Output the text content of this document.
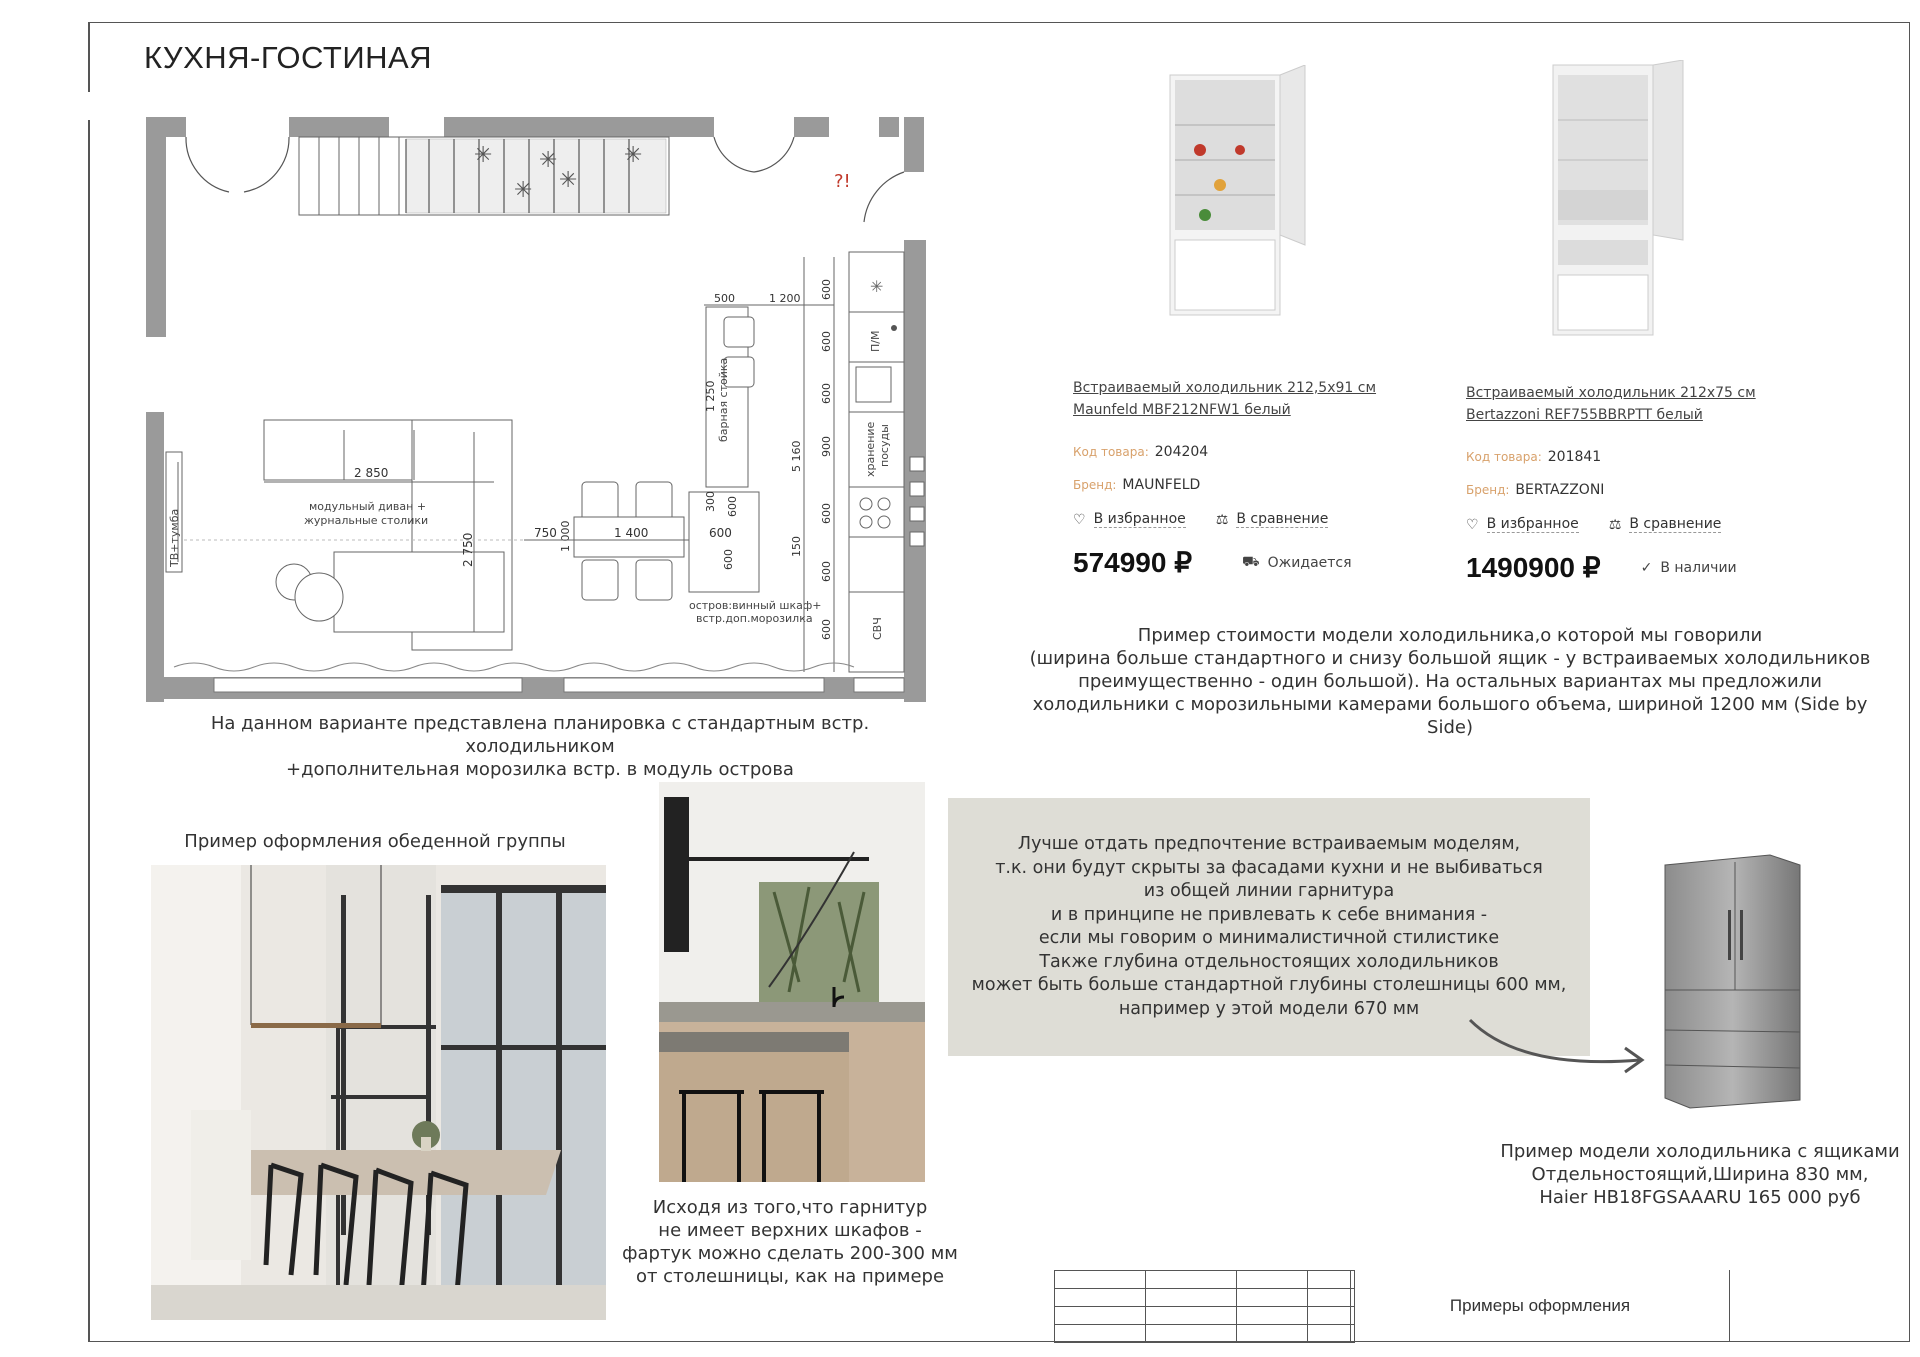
КУХНЯ-ГОСТИНАЯ
✳
✳
✳
✳
✳
?!
ТВ+тумба
2 850
модульный диван +
журнальные столики
2 750	750 1 000	1 400	600
300 600
600
остров:винный шкаф+
встр.доп.морозилка
барная стойка
1 250
500	1 200
✳
П/М
хранение посуды
СВЧ
600
600
600
900
600
600
600
5 160
150
На данном варианте представлена планировка с стандартным встр. холодильником
+дополнительная морозилка встр. в модуль острова
Встраиваемый холодильник 212,5x91 см
Maunfeld MBF212NFW1 белый
Код товара: 204204
Бренд: MAUNFELD
♡ В избранное ⚖ В сравнение
574990 ₽	⛟ Ожидается
Встраиваемый холодильник 212x75 см
Bertazzoni REF755BBRPTT белый
Код товара: 201841
Бренд: BERTAZZONI
♡ В избранное ⚖ В сравнение
1490900 ₽	✓ В наличии
Пример стоимости модели холодильника,о которой мы говорили
(ширина больше стандартного и снизу большой ящик - у встраиваемых холодильников
преимущественно - один большой). На остальных вариантах мы предложили
холодильники с морозильными камерами большого объема, шириной 1200 мм (Side by Side)
Пример оформления обеденной группы
Исходя из того,что гарнитур
не имеет верхних шкафов -
фартук можно сделать 200-300 мм
от столешницы, как на примере
Лучше отдать предпочтение встраиваемым моделям,
т.к. они будут скрыты за фасадами кухни и не выбиваться
из общей линии гарнитура
и в принципе не привлевать к себе внимания -
если мы говорим о минималистичной стилистике
Также глубина отдельностоящих холодильников
может быть больше стандартной глубины столешницы 600 мм,
например у этой модели 670 мм
Пример модели холодильника с ящиками
Отдельностоящий,Ширина 830 мм,
Haier HB18FGSAAARU 165 000 руб

Примеры оформления
